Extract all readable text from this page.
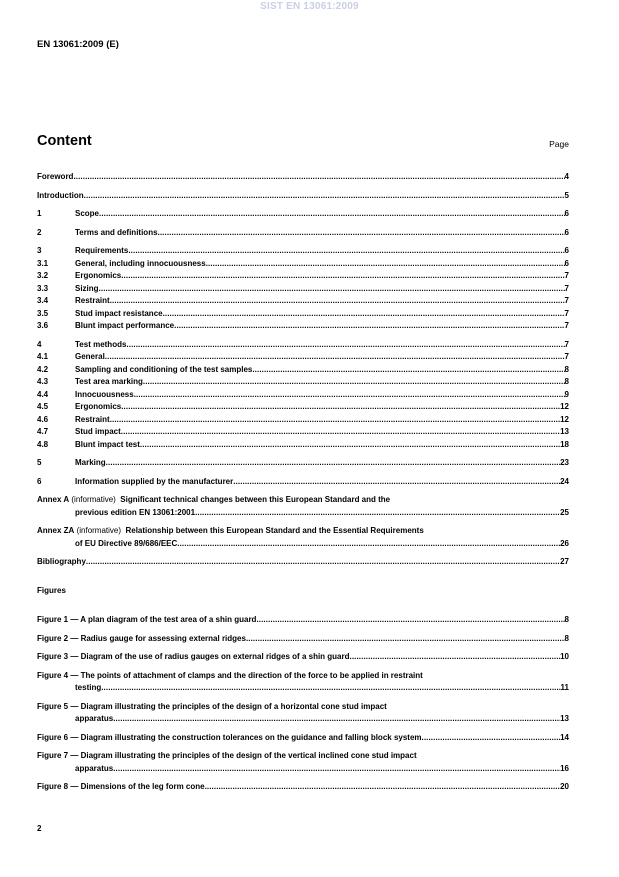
SIST EN 13061:2009
EN 13061:2009 (E)
Content	Page
Foreword .....	4
Introduction .....	5
1	Scope .....	6
2	Terms and definitions .....	6
3	Requirements .....	6
3.1	General, including innocuousness .....	6
3.2	Ergonomics .....	7
3.3	Sizing .....	7
3.4	Restraint .....	7
3.5	Stud impact resistance .....	7
3.6	Blunt impact performance .....	7
4	Test methods .....	7
4.1	General .....	7
4.2	Sampling and conditioning of the test samples .....	8
4.3	Test area marking .....	8
4.4	Innocuousness .....	9
4.5	Ergonomics .....	12
4.6	Restraint .....	12
4.7	Stud impact .....	13
4.8	Blunt impact test .....	18
5	Marking .....	23
6	Information supplied by the manufacturer .....	24
Annex A (informative) Significant technical changes between this European Standard and the
previous edition EN 13061:2001 .....	25
Annex ZA (informative) Relationship between this European Standard and the Essential Requirements
of EU Directive 89/686/EEC .....	26
Bibliography .....	27
Figures
Figure 1 — A plan diagram of the test area of a shin guard .....	8
Figure 2 — Radius gauge for assessing external ridges .....	8
Figure 3 — Diagram of the use of radius gauges on external ridges of a shin guard .....	10
Figure 4 — The points of attachment of clamps and the direction of the force to be applied in restraint
testing .....	11
Figure 5 — Diagram illustrating the principles of the design of a horizontal cone stud impact
apparatus .....	13
Figure 6 — Diagram illustrating the construction tolerances on the guidance and falling block system .....	14
Figure 7 — Diagram illustrating the principles of the design of the vertical inclined cone stud impact
apparatus .....	16
Figure 8 — Dimensions of the leg form cone .....	20
2
